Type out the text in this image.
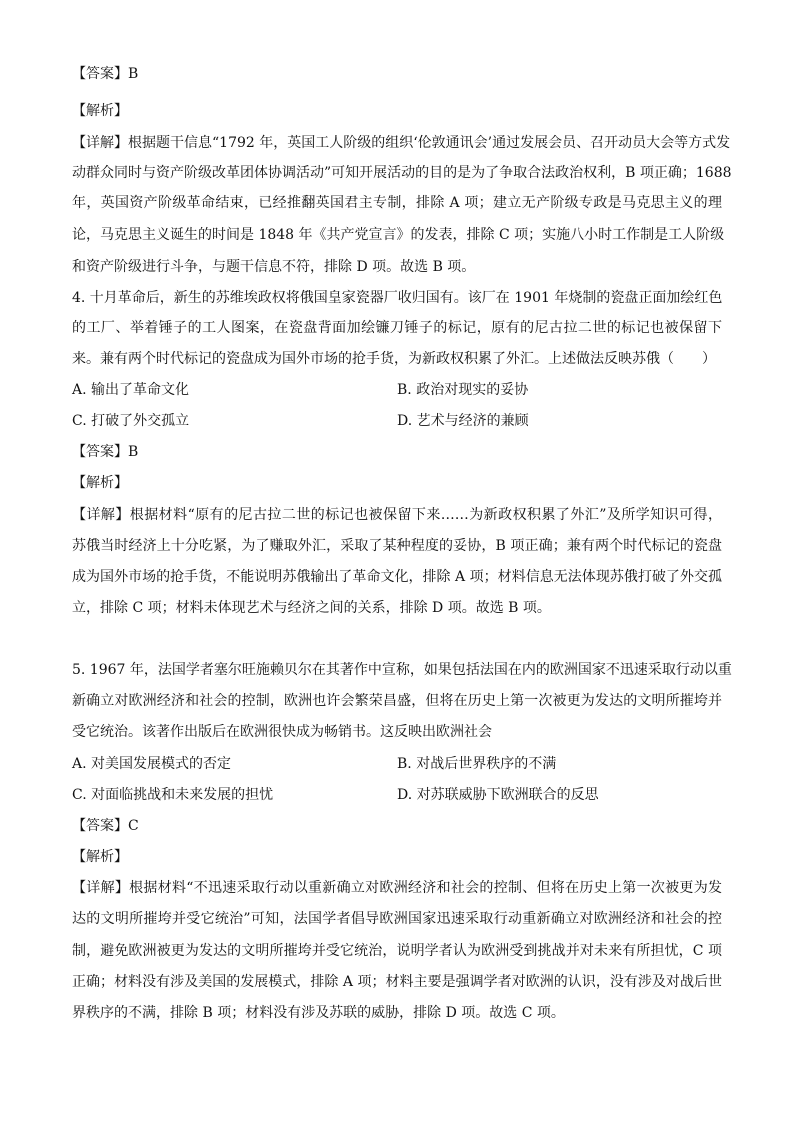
【答案】B
【解析】
【详解】根据题干信息“1792 年，英国工人阶级的组织‘伦敦通讯会’通过发展会员、召开动员大会等方式发
动群众同时与资产阶级改革团体协调活动”可知开展活动的目的是为了争取合法政治权利，B 项正确；1688
年，英国资产阶级革命结束，已经推翻英国君主专制，排除 A 项；建立无产阶级专政是马克思主义的理
论，马克思主义诞生的时间是 1848 年《共产党宣言》的发表，排除 C 项；实施八小时工作制是工人阶级
和资产阶级进行斗争，与题干信息不符，排除 D 项。故选 B 项。
4. 十月革命后，新生的苏维埃政权将俄国皇家瓷器厂收归国有。该厂在 1901 年烧制的瓷盘正面加绘红色
的工厂、举着锤子的工人图案，在瓷盘背面加绘镰刀锤子的标记，原有的尼古拉二世的标记也被保留下
来。兼有两个时代标记的瓷盘成为国外市场的抢手货，为新政权积累了外汇。上述做法反映苏俄（　　）
A. 输出了革命文化	B. 政治对现实的妥协
C. 打破了外交孤立	D. 艺术与经济的兼顾
【答案】B
【解析】
【详解】根据材料“原有的尼古拉二世的标记也被保留下来……为新政权积累了外汇”及所学知识可得，
苏俄当时经济上十分吃紧，为了赚取外汇，采取了某种程度的妥协，B 项正确；兼有两个时代标记的瓷盘
成为国外市场的抢手货，不能说明苏俄输出了革命文化，排除 A 项；材料信息无法体现苏俄打破了外交孤
立，排除 C 项；材料未体现艺术与经济之间的关系，排除 D 项。故选 B 项。
5. 1967 年，法国学者塞尔旺施赖贝尔在其著作中宣称，如果包括法国在内的欧洲国家不迅速采取行动以重
新确立对欧洲经济和社会的控制，欧洲也许会繁荣昌盛，但将在历史上第一次被更为发达的文明所摧垮并
受它统治。该著作出版后在欧洲很快成为畅销书。这反映出欧洲社会
A. 对美国发展模式的否定	B. 对战后世界秩序的不满
C. 对面临挑战和未来发展的担忧	D. 对苏联威胁下欧洲联合的反思
【答案】C
【解析】
【详解】根据材料“不迅速采取行动以重新确立对欧洲经济和社会的控制、但将在历史上第一次被更为发
达的文明所摧垮并受它统治”可知，法国学者倡导欧洲国家迅速采取行动重新确立对欧洲经济和社会的控
制，避免欧洲被更为发达的文明所摧垮并受它统治，说明学者认为欧洲受到挑战并对未来有所担忧，C 项
正确；材料没有涉及美国的发展模式，排除 A 项；材料主要是强调学者对欧洲的认识，没有涉及对战后世
界秩序的不满，排除 B 项；材料没有涉及苏联的威胁，排除 D 项。故选 C 项。
